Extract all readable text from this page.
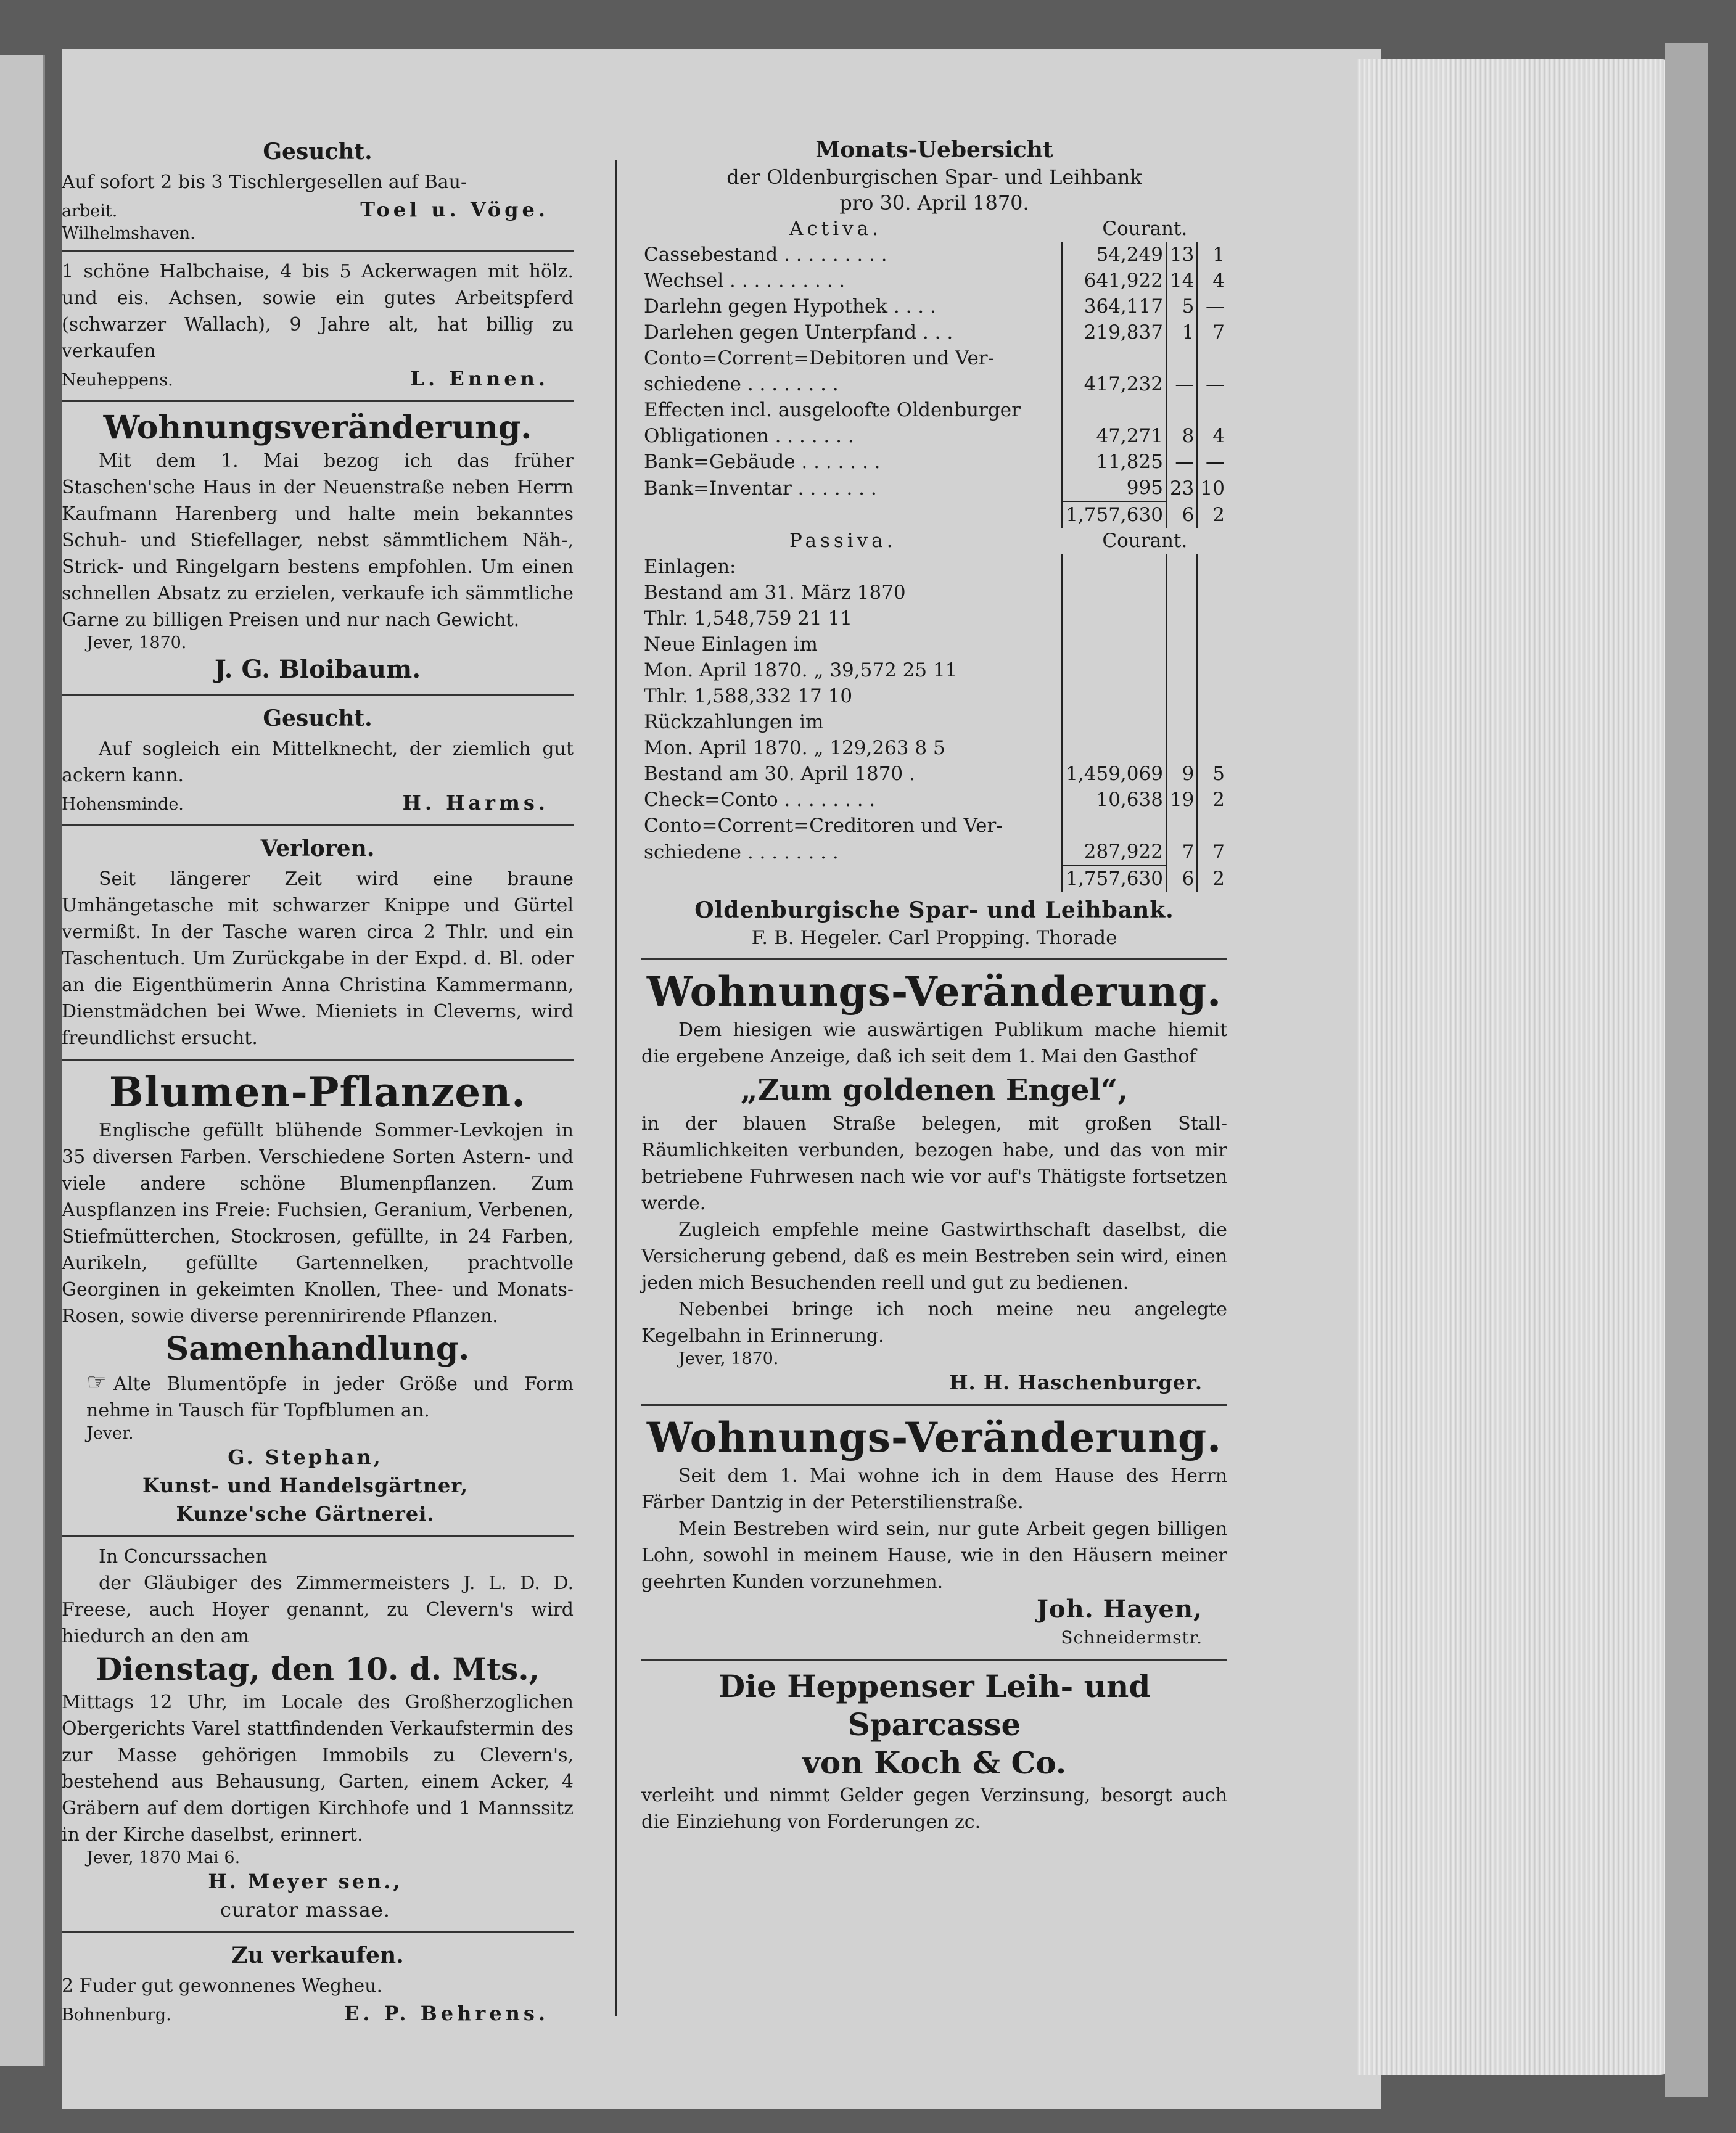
Gesucht.

Auf sofort 2 bis 3 Tischlergesellen auf Bau-

arbeit.	Toel u. Vöge.
Wilhelmshaven.

1 schöne Halbchaise, 4 bis 5 Ackerwagen mit hölz. und eis. Achsen, sowie ein gutes Arbeitspferd (schwarzer Wallach), 9 Jahre alt, hat billig zu verkaufen

Neuheppens.	L. Ennen.
Wohnungsveränderung.

Mit dem 1. Mai bezog ich das früher Staschen'sche Haus in der Neuenstraße neben Herrn Kaufmann Harenberg und halte mein bekanntes Schuh- und Stiefellager, nebst sämmtlichem Näh-, Strick- und Ringelgarn bestens empfohlen. Um einen schnellen Absatz zu erzielen, verkaufe ich sämmtliche Garne zu billigen Preisen und nur nach Gewicht.

Jever, 1870.
J. G. Bloibaum.
Gesucht.

Auf sogleich ein Mittelknecht, der ziemlich gut ackern kann.

Hohensminde.	H. Harms.
Verloren.

Seit längerer Zeit wird eine braune Umhängetasche mit schwarzer Knippe und Gürtel vermißt. In der Tasche waren circa 2 Thlr. und ein Taschentuch. Um Zurückgabe in der Expd. d. Bl. oder an die Eigenthümerin Anna Christina Kammermann, Dienstmädchen bei Wwe. Mieniets in Cleverns, wird freundlichst ersucht.

Blumen-Pflanzen.

Englische gefüllt blühende Sommer-Levkojen in 35 diversen Farben. Verschiedene Sorten Astern- und viele andere schöne Blumenpflanzen. Zum Auspflanzen ins Freie: Fuchsien, Geranium, Verbenen, Stiefmütterchen, Stockrosen, gefüllte, in 24 Farben, Aurikeln, gefüllte Gartennelken, prachtvolle Georginen in gekeimten Knollen, Thee- und Monats-Rosen, sowie diverse perennirirende Pflanzen.

Samenhandlung.

☞ Alte Blumentöpfe in jeder Größe und Form nehme in Tausch für Topfblumen an.

Jever.
G. Stephan,
Kunst- und Handelsgärtner,
Kunze'sche Gärtnerei.

In Concurssachen

der Gläubiger des Zimmermeisters J. L. D. D. Freese, auch Hoyer genannt, zu Clevern's wird hiedurch an den am

Dienstag, den 10. d. Mts.,

Mittags 12 Uhr, im Locale des Großherzoglichen Obergerichts Varel stattfindenden Verkaufstermin des zur Masse gehörigen Immobils zu Clevern's, bestehend aus Behausung, Garten, einem Acker, 4 Gräbern auf dem dortigen Kirchhofe und 1 Mannssitz in der Kirche daselbst, erinnert.

Jever, 1870 Mai 6.
H. Meyer sen.,
curator massae.
Zu verkaufen.

2 Fuder gut gewonnenes Wegheu.

Bohnenburg.	E. P. Behrens.
Monats-Uebersicht
der Oldenburgischen Spar- und Leihbank
pro 30. April 1870.
Activa.	Courant.		
Cassebestand . . . . . . . . .	54,249	13	1
Wechsel . . . . . . . . . .	641,922	14	4
Darlehn gegen Hypothek . . . .	364,117	5	—
Darlehen gegen Unterpfand . . .	219,837	1	7
Conto=Corrent=Debitoren und Ver-			
schiedene . . . . . . . .	417,232	—	—
Effecten incl. ausgeloofte Oldenburger			
Obligationen . . . . . . .	47,271	8	4
Bank=Gebäude . . . . . . .	11,825	—	—
Bank=Inventar . . . . . . .	995	23	10
	1,757,630	6	2
Passiva.	Courant.		
Einlagen:			
Bestand am 31. März 1870			
Thlr. 1,548,759 21 11			
Neue Einlagen im			
Mon. April 1870. „ 39,572 25 11			
Thlr. 1,588,332 17 10			
Rückzahlungen im			
Mon. April 1870. „ 129,263 8 5			
Bestand am 30. April 1870 .	1,459,069	9	5
Check=Conto . . . . . . . .	10,638	19	2
Conto=Corrent=Creditoren und Ver-			
schiedene . . . . . . . .	287,922	7	7
	1,757,630	6	2
Oldenburgische Spar- und Leihbank.
F. B. Hegeler. Carl Propping. Thorade
Wohnungs-Veränderung.

Dem hiesigen wie auswärtigen Publikum mache hiemit die ergebene Anzeige, daß ich seit dem 1. Mai den Gasthof

„Zum goldenen Engel“,

in der blauen Straße belegen, mit großen Stall-Räumlichkeiten verbunden, bezogen habe, und das von mir betriebene Fuhrwesen nach wie vor auf's Thätigste fortsetzen werde.

Zugleich empfehle meine Gastwirthschaft daselbst, die Versicherung gebend, daß es mein Bestreben sein wird, einen jeden mich Besuchenden reell und gut zu bedienen.

Nebenbei bringe ich noch meine neu angelegte Kegelbahn in Erinnerung.

Jever, 1870.
H. H. Haschenburger.
Wohnungs-Veränderung.

Seit dem 1. Mai wohne ich in dem Hause des Herrn Färber Dantzig in der Peterstilienstraße.

Mein Bestreben wird sein, nur gute Arbeit gegen billigen Lohn, sowohl in meinem Hause, wie in den Häusern meiner geehrten Kunden vorzunehmen.

Joh. Hayen,
Schneidermstr.
Die Heppenser Leih- und Sparcasse
von Koch & Co.

verleiht und nimmt Gelder gegen Verzinsung, besorgt auch die Einziehung von Forderungen zc.
